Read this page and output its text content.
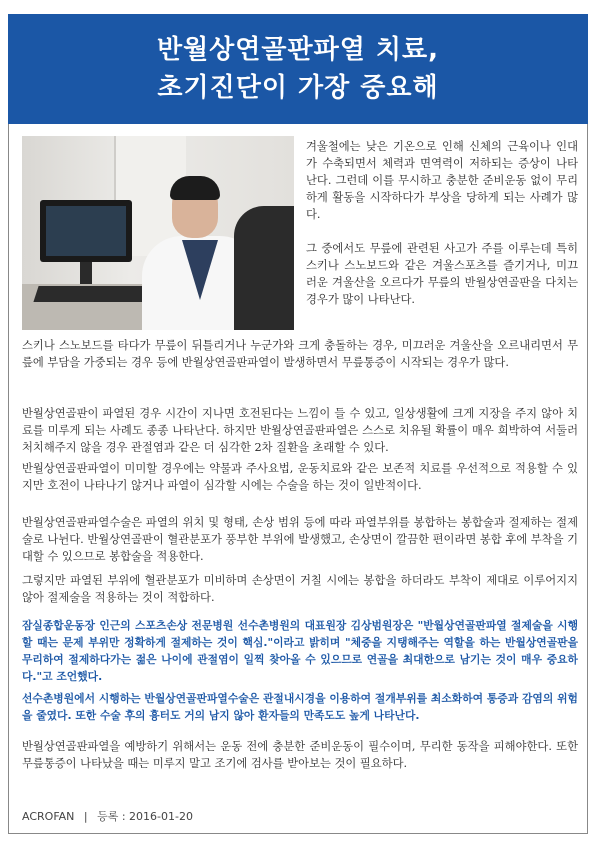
반월상연골판파열 치료,
초기진단이 가장 중요해
겨울철에는 낮은 기온으로 인해 신체의 근육이나 인대가 수축되면서 체력과 면역력이 저하되는 증상이 나타난다. 그런데 이를 무시하고 충분한 준비운동 없이 무리하게 활동을 시작하다가 부상을 당하게 되는 사례가 많다.
그 중에서도 무릎에 관련된 사고가 주를 이루는데 특히 스키나 스노보드와 같은 겨울스포츠를 즐기거나, 미끄러운 겨울산을 오르다가 무릎의 반월상연골판을 다치는 경우가 많이 나타난다.
스키나 스노보드를 타다가 무릎이 뒤틀리거나 누군가와 크게 충돌하는 경우, 미끄러운 겨울산을 오르내리면서 무릎에 부담을 가중되는 경우 등에 반월상연골판파열이 발생하면서 무릎통증이 시작되는 경우가 많다.
반월상연골판이 파열된 경우 시간이 지나면 호전된다는 느낌이 들 수 있고, 일상생활에 크게 지장을 주지 않아 치료를 미루게 되는 사례도 종종 나타난다. 하지만 반월상연골판파열은 스스로 치유될 확률이 매우 희박하여 서둘러 처치해주지 않을 경우 관절염과 같은 더 심각한 2차 질환을 초래할 수 있다.
반월상연골판파열이 미미할 경우에는 약물과 주사요법, 운동치료와 같은 보존적 치료를 우선적으로 적용할 수 있지만 호전이 나타나기 않거나 파열이 심각할 시에는 수술을 하는 것이 일반적이다.
반월상연골판파열수술은 파열의 위치 및 형태, 손상 범위 등에 따라 파열부위를 봉합하는 봉합술과 절제하는 절제술로 나뉜다. 반월상연골판이 혈관분포가 풍부한 부위에 발생했고, 손상면이 깔끔한 편이라면 봉합 후에 부착을 기대할 수 있으므로 봉합술을 적용한다.
그렇지만 파열된 부위에 혈관분포가 미비하며 손상면이 거칠 시에는 봉합을 하더라도 부착이 제대로 이루어지지 않아 절제술을 적용하는 것이 적합하다.
잠실종합운동장 인근의 스포츠손상 전문병원 선수촌병원의 대표원장 김상범원장은 "반월상연골판파열 절제술을 시행할 때는 문제 부위만 정확하게 절제하는 것이 핵심."이라고 밝히며 "체중을 지탱해주는 역할을 하는 반월상연골판을 무리하여 절제하다가는 젊은 나이에 관절염이 일찍 찾아올 수 있으므로 연골을 최대한으로 남기는 것이 매우 중요하다."고 조언했다.
선수촌병원에서 시행하는 반월상연골판파열수술은 관절내시경을 이용하여 절개부위를 최소화하여 통증과 감염의 위험을 줄였다. 또한 수술 후의 흉터도 거의 남지 않아 환자들의 만족도도 높게 나타난다.
반월상연골판파열을 예방하기 위해서는 운동 전에 충분한 준비운동이 필수이며, 무리한 동작을 피해야한다. 또한 무릎통증이 나타났을 때는 미루지 말고 조기에 검사를 받아보는 것이 필요하다.
ACROFAN | 등록 : 2016-01-20
